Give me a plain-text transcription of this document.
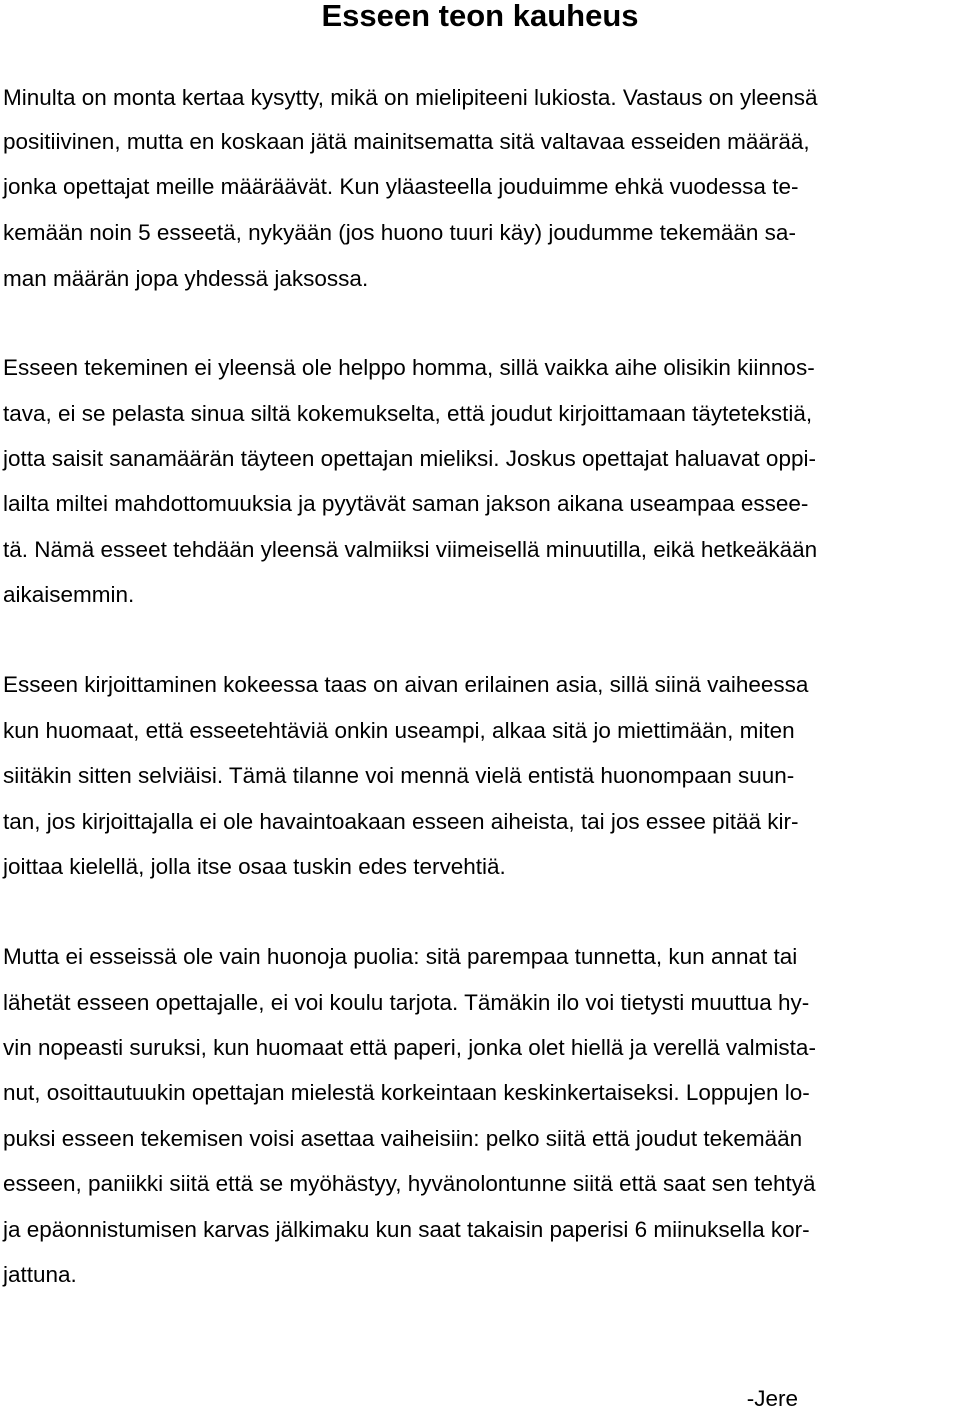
Esseen teon kauheus
Minulta on monta kertaa kysytty, mikä on mielipiteeni lukiosta. Vastaus on yleensä
positiivinen, mutta en koskaan jätä mainitsematta sitä valtavaa esseiden määrää,
jonka opettajat meille määräävät. Kun yläasteella jouduimme ehkä vuodessa te-
kemään noin 5 esseetä, nykyään (jos huono tuuri käy) joudumme tekemään sa-
man määrän jopa yhdessä jaksossa.
Esseen tekeminen ei yleensä ole helppo homma, sillä vaikka aihe olisikin kiinnos-
tava, ei se pelasta sinua siltä kokemukselta, että joudut kirjoittamaan täytetekstiä,
jotta saisit sanamäärän täyteen opettajan mieliksi. Joskus opettajat haluavat oppi-
lailta miltei mahdottomuuksia ja pyytävät saman jakson aikana useampaa essee-
tä. Nämä esseet tehdään yleensä valmiiksi viimeisellä minuutilla, eikä hetkeäkään
aikaisemmin.
Esseen kirjoittaminen kokeessa taas on aivan erilainen asia, sillä siinä vaiheessa
kun huomaat, että esseetehtäviä onkin useampi, alkaa sitä jo miettimään, miten
siitäkin sitten selviäisi. Tämä tilanne voi mennä vielä entistä huonompaan suun-
tan, jos kirjoittajalla ei ole havaintoakaan esseen aiheista, tai jos essee pitää kir-
joittaa kielellä, jolla itse osaa tuskin edes tervehtiä.
Mutta ei esseissä ole vain huonoja puolia: sitä parempaa tunnetta, kun annat tai
lähetät esseen opettajalle, ei voi koulu tarjota. Tämäkin ilo voi tietysti muuttua hy-
vin nopeasti suruksi, kun huomaat että paperi, jonka olet hiellä ja verellä valmista-
nut, osoittautuukin opettajan mielestä korkeintaan keskinkertaiseksi. Loppujen lo-
puksi esseen tekemisen voisi asettaa vaiheisiin: pelko siitä että joudut tekemään
esseen, paniikki siitä että se myöhästyy, hyvänolontunne siitä että saat sen tehtyä
ja epäonnistumisen karvas jälkimaku kun saat takaisin paperisi 6 miinuksella kor-
jattuna.
-Jere
